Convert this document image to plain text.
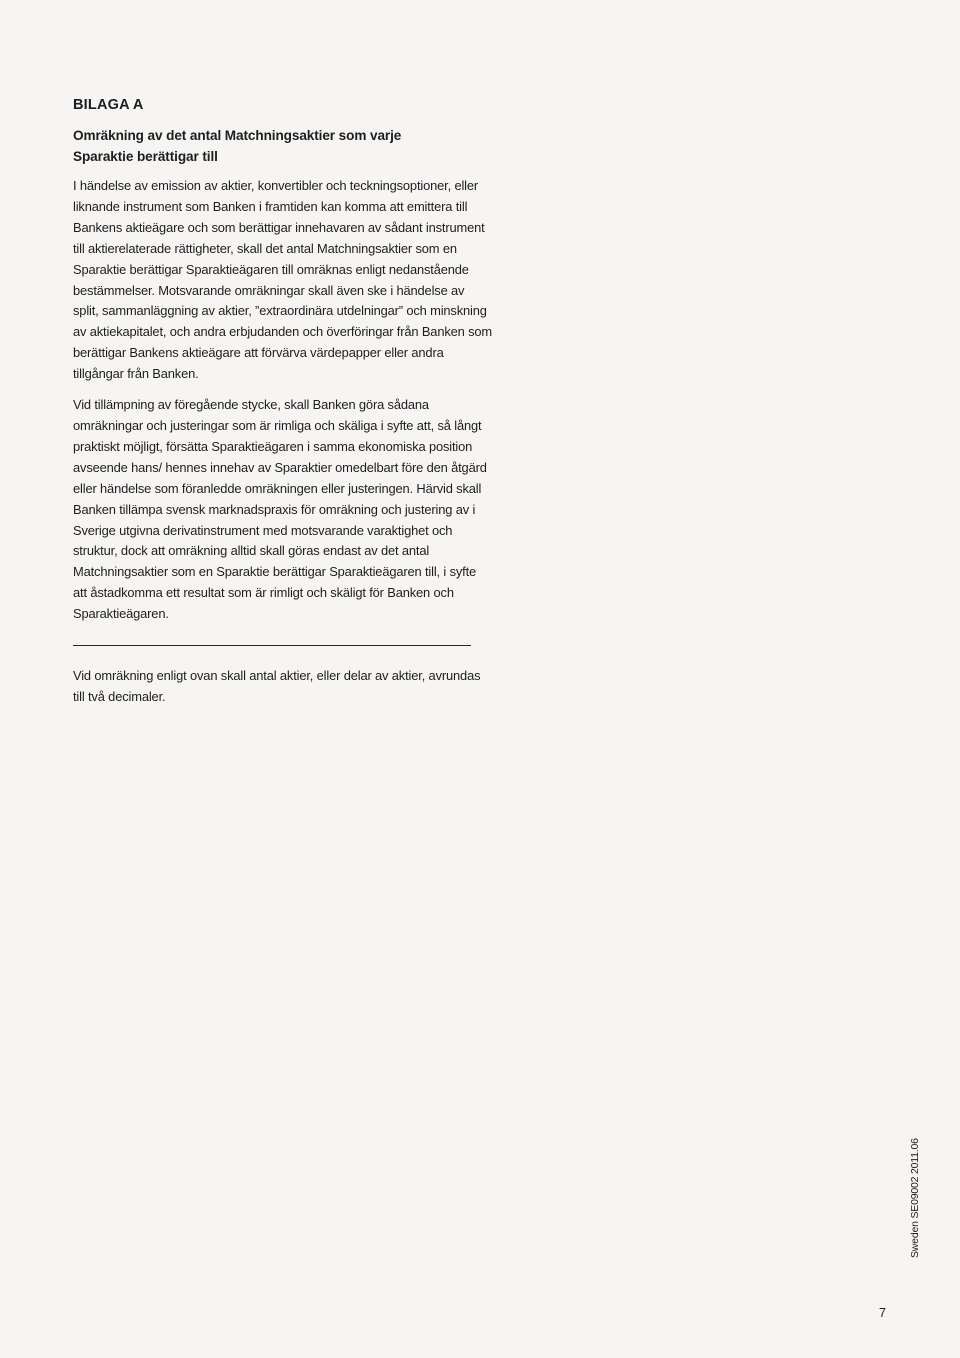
BILAGA A
Omräkning av det antal Matchningsaktier som varje
Sparaktie berättigar till

I händelse av emission av aktier, konvertibler och teckningsoptioner, eller liknande instrument som Banken i framtiden kan komma att emittera till Bankens aktieägare och som berättigar innehavaren av sådant instrument till aktierelaterade rättigheter, skall det antal Matchningsaktier som en Sparaktie berättigar Sparaktieägaren till omräknas enligt nedanstående bestämmelser. Motsvarande omräkningar skall även ske i händelse av split, sammanläggning av aktier, ”extraordinära utdelningar” och minskning av aktiekapitalet, och andra erbjudanden och överföringar från Banken som berättigar Bankens aktieägare att förvärva värdepapper eller andra tillgångar från Banken.

Vid tillämpning av föregående stycke, skall Banken göra sådana omräkningar och justeringar som är rimliga och skäliga i syfte att, så långt praktiskt möjligt, försätta Sparaktieägaren i samma ekonomiska position avseende hans/ hennes innehav av Sparaktier omedelbart före den åtgärd eller händelse som föranledde omräkningen eller justeringen. Härvid skall Banken tillämpa svensk marknadspraxis för omräkning och justering av i Sverige utgivna derivatinstrument med motsvarande varaktighet och struktur, dock att omräkning alltid skall göras endast av det antal Matchningsaktier som en Sparaktie berättigar Sparaktieägaren till, i syfte att åstadkomma ett resultat som är rimligt och skäligt för Banken och Sparaktieägaren.

Vid omräkning enligt ovan skall antal aktier, eller delar av aktier, avrundas till två decimaler.

Sweden SE09002 2011.06
7
